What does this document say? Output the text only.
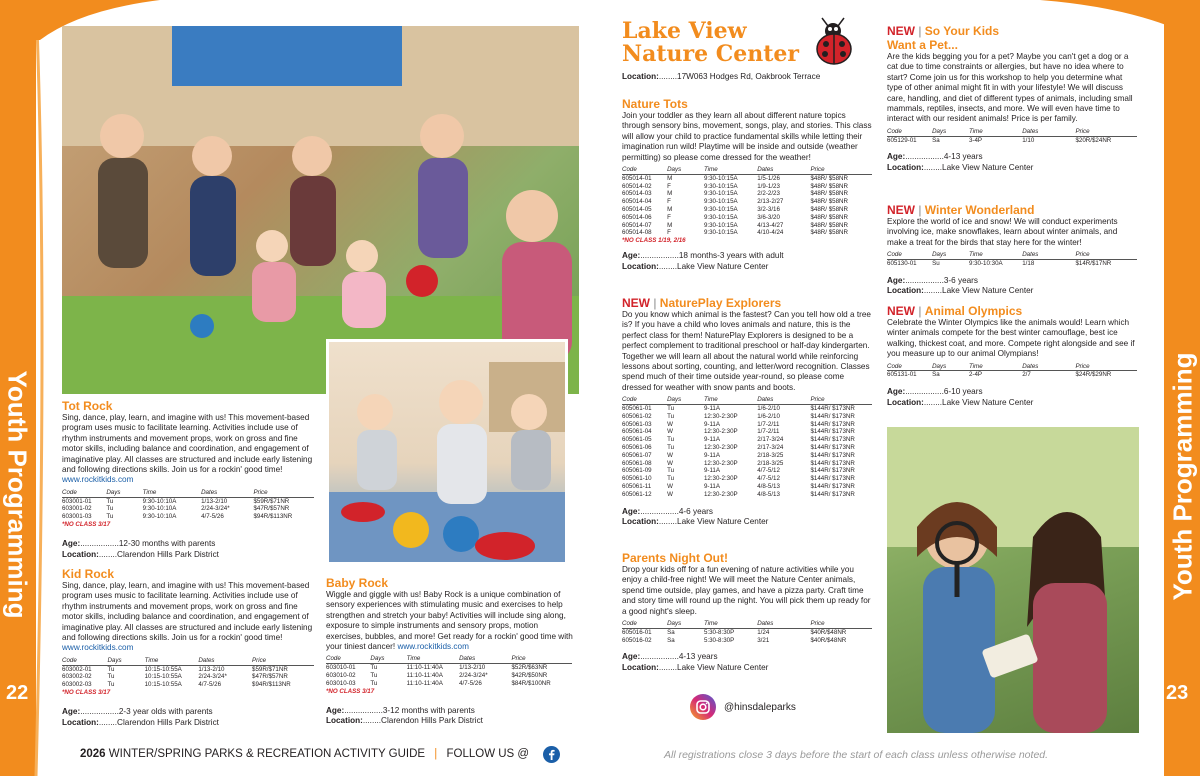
Youth Programming
22
Youth Programming
23
Tot Rock
Sing, dance, play, learn, and imagine with us! This movement-based program uses music to facilitate learning. Activities include use of rhythm instruments and movement props, work on gross and fine motor skills, including balance and coordination, and engagement of imaginative play. All classes are structured and include early listening and following directions skills. Join us for a rockin' good time! www.rockitkids.com
Code	Days	Time	Dates	Price
603001-01	Tu	9:30-10:10A	1/13-2/10	$59R/$71NR
603001-02	Tu	9:30-10:10A	2/24-3/24*	$47R/$57NR
603001-03	Tu	9:30-10:10A	4/7-5/26	$94R/$113NR
*NO CLASS 3/17
Age:.................12-30 months with parents
Location:........Clarendon Hills Park District
Kid Rock
Sing, dance, play, learn, and imagine with us! This movement-based program uses music to facilitate learning. Activities include use of rhythm instruments and movement props, work on gross and fine motor skills, including balance and coordination, and engagement of imaginative play. All classes are structured and include early listening and following directions skills. Join us for a rockin' good time! www.rockitkids.com
Code	Days	Time	Dates	Price
603002-01	Tu	10:15-10:55A	1/13-2/10	$59R/$71NR
603002-02	Tu	10:15-10:55A	2/24-3/24*	$47R/$57NR
603002-03	Tu	10:15-10:55A	4/7-5/26	$94R/$113NR
*NO CLASS 3/17
Age:.................2-3 year olds with parents
Location:........Clarendon Hills Park District
Baby Rock
Wiggle and giggle with us! Baby Rock is a unique combination of sensory experiences with stimulating music and exercises to help strengthen and stretch your baby! Activities will include sing along, exposure to simple instruments and sensory props, motion exercises, bubbles, and more! Get ready for a rockin' good time with your tiniest dancer! www.rockitkids.com
Code	Days	Time	Dates	Price
603010-01	Tu	11:10-11:40A	1/13-2/10	$52R/$63NR
603010-02	Tu	11:10-11:40A	2/24-3/24*	$42R/$50NR
603010-03	Tu	11:10-11:40A	4/7-5/26	$84R/$100NR
*NO CLASS 3/17
Age:.................3-12 months with parents
Location:........Clarendon Hills Park District
Lake View
Nature Center
Location:........17W063 Hodges Rd, Oakbrook Terrace
Nature Tots
Join your toddler as they learn all about different nature topics through sensory bins, movement, songs, play, and stories. This class will allow your child to practice fundamental skills while letting their imagination run wild! Playtime will be inside and outside (weather permitting) so please come dressed for the weather!
Code	Days	Time	Dates	Price
605014-01	M	9:30-10:15A	1/5-1/26	$48R/ $58NR
605014-02	F	9:30-10:15A	1/9-1/23	$48R/ $58NR
605014-03	M	9:30-10:15A	2/2-2/23	$48R/ $58NR
605014-04	F	9:30-10:15A	2/13-2/27	$48R/ $58NR
605014-05	M	9:30-10:15A	3/2-3/16	$48R/ $58NR
605014-06	F	9:30-10:15A	3/6-3/20	$48R/ $58NR
605014-07	M	9:30-10:15A	4/13-4/27	$48R/ $58NR
605014-08	F	9:30-10:15A	4/10-4/24	$48R/ $58NR
*NO CLASS 1/19, 2/16
Age:.................18 months-3 years with adult
Location:........Lake View Nature Center
NEW | NaturePlay Explorers
Do you know which animal is the fastest? Can you tell how old a tree is? If you have a child who loves animals and nature, this is the perfect class for them! NaturePlay Explorers is designed to be a perfect complement to traditional preschool or half-day kindergarten. Together we will learn all about the natural world while reinforcing lessons about sorting, counting, and letter/word recognition. Classes spend much of their time outside year-round, so please come dressed for weather with snow pants and boots.
Code	Days	Time	Dates	Price
605061-01	Tu	9-11A	1/6-2/10	$144R/ $173NR
605061-02	Tu	12:30-2:30P	1/6-2/10	$144R/ $173NR
605061-03	W	9-11A	1/7-2/11	$144R/ $173NR
605061-04	W	12:30-2:30P	1/7-2/11	$144R/ $173NR
605061-05	Tu	9-11A	2/17-3/24	$144R/ $173NR
605061-06	Tu	12:30-2:30P	2/17-3/24	$144R/ $173NR
605061-07	W	9-11A	2/18-3/25	$144R/ $173NR
605061-08	W	12:30-2:30P	2/18-3/25	$144R/ $173NR
605061-09	Tu	9-11A	4/7-5/12	$144R/ $173NR
605061-10	Tu	12:30-2:30P	4/7-5/12	$144R/ $173NR
605061-11	W	9-11A	4/8-5/13	$144R/ $173NR
605061-12	W	12:30-2:30P	4/8-5/13	$144R/ $173NR
Age:.................4-6 years
Location:........Lake View Nature Center
Parents Night Out!
Drop your kids off for a fun evening of nature activities while you enjoy a child-free night! We will meet the Nature Center animals, spend time outside, play games, and have a pizza party. Craft time and story time will round up the night. You will pick them up ready for a good night's sleep.
Code	Days	Time	Dates	Price
605016-01	Sa	5:30-8:30P	1/24	$40R/$48NR
605016-02	Sa	5:30-8:30P	3/21	$40R/$48NR
Age:.................4-13 years
Location:........Lake View Nature Center
@hinsdaleparks
NEW | So Your Kids
Want a Pet...
Are the kids begging you for a pet? Maybe you can't get a dog or a cat due to time constraints or allergies, but have no idea where to start? Come join us for this workshop to help you determine what type of other animal might fit in with your lifestyle! We will discuss care, handling, and diet of different types of animals, including small mammals, reptiles, insects, and more. We will even have time to interact with our resident animals! Price is per family.
Code	Days	Time	Dates	Price
605129-01	Sa	3-4P	1/10	$20R/$24NR
Age:.................4-13 years
Location:........Lake View Nature Center
NEW | Winter Wonderland
Explore the world of ice and snow! We will conduct experiments involving ice, make snowflakes, learn about winter animals, and make a treat for the birds that stay here for the winter!
Code	Days	Time	Dates	Price
605130-01	Su	9:30-10:30A	1/18	$14R/$17NR
Age:.................3-6 years
Location:........Lake View Nature Center
NEW | Animal Olympics
Celebrate the Winter Olympics like the animals would! Learn which winter animals compete for the best winter camouflage, best ice walking, thickest coat, and more. Compete right alongside and see if you measure up to our animal Olympians!
Code	Days	Time	Dates	Price
605131-01	Sa	2-4P	2/7	$24R/$29NR
Age:.................6-10 years
Location:........Lake View Nature Center
2026 WINTER/SPRING PARKS & RECREATION ACTIVITY GUIDE | FOLLOW US @	All registrations close 3 days before the start of each class unless otherwise noted.
